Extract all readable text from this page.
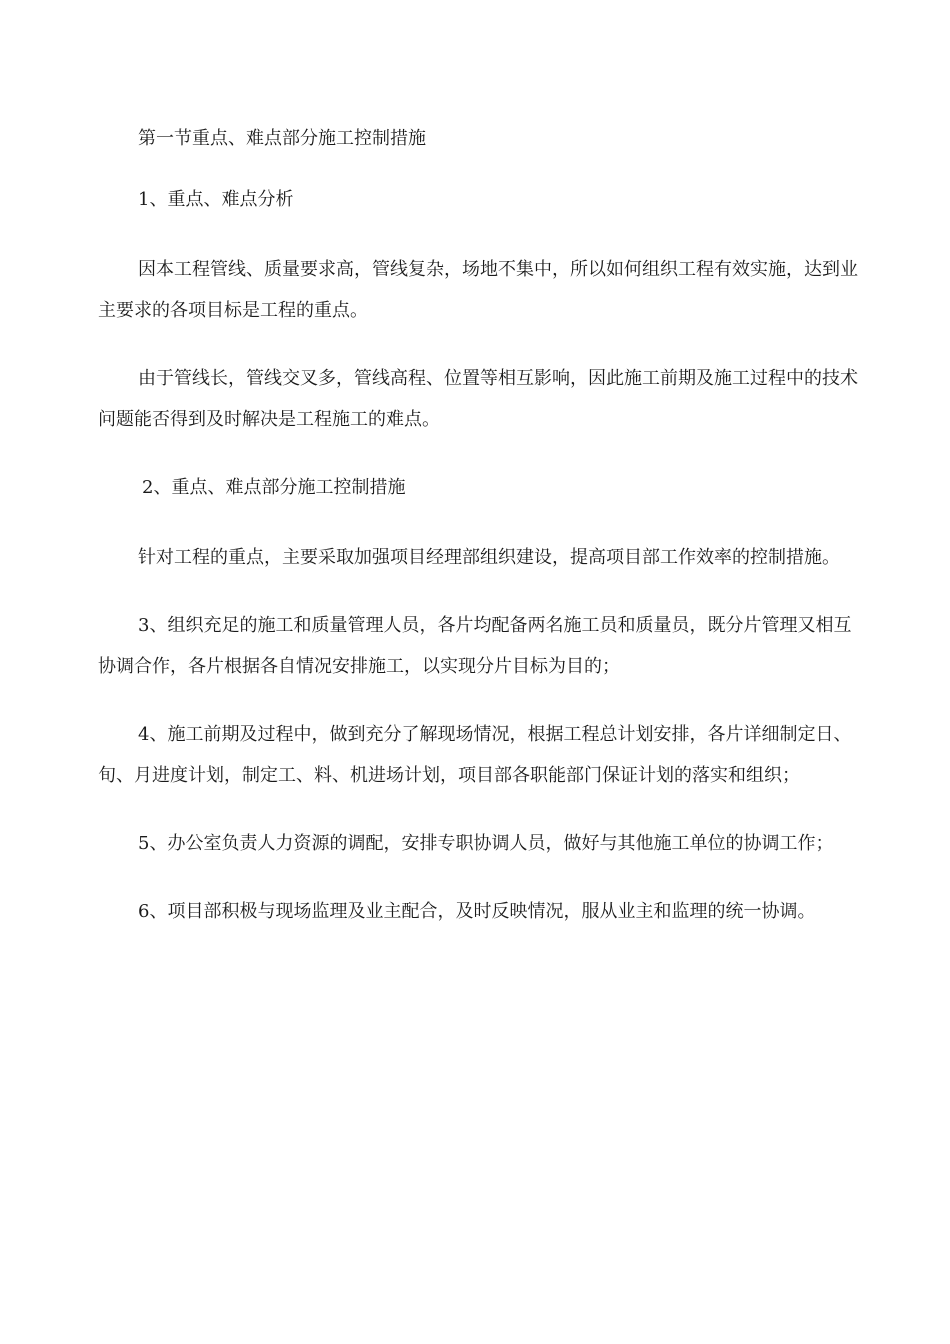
第一节重点、难点部分施工控制措施

1、重点、难点分析

因本工程管线、质量要求高，管线复杂，场地不集中，所以如何组织工程有效实施，达到业主要求的各项目标是工程的重点。

由于管线长，管线交叉多，管线高程、位置等相互影响，因此施工前期及施工过程中的技术问题能否得到及时解决是工程施工的难点。

2、重点、难点部分施工控制措施

针对工程的重点，主要采取加强项目经理部组织建设，提高项目部工作效率的控制措施。

3、组织充足的施工和质量管理人员，各片均配备两名施工员和质量员，既分片管理又相互协调合作，各片根据各自情况安排施工，以实现分片目标为目的；

4、施工前期及过程中，做到充分了解现场情况，根据工程总计划安排，各片详细制定日、旬、月进度计划，制定工、料、机进场计划，项目部各职能部门保证计划的落实和组织；

5、办公室负责人力资源的调配，安排专职协调人员，做好与其他施工单位的协调工作；

6、项目部积极与现场监理及业主配合，及时反映情况，服从业主和监理的统一协调。
